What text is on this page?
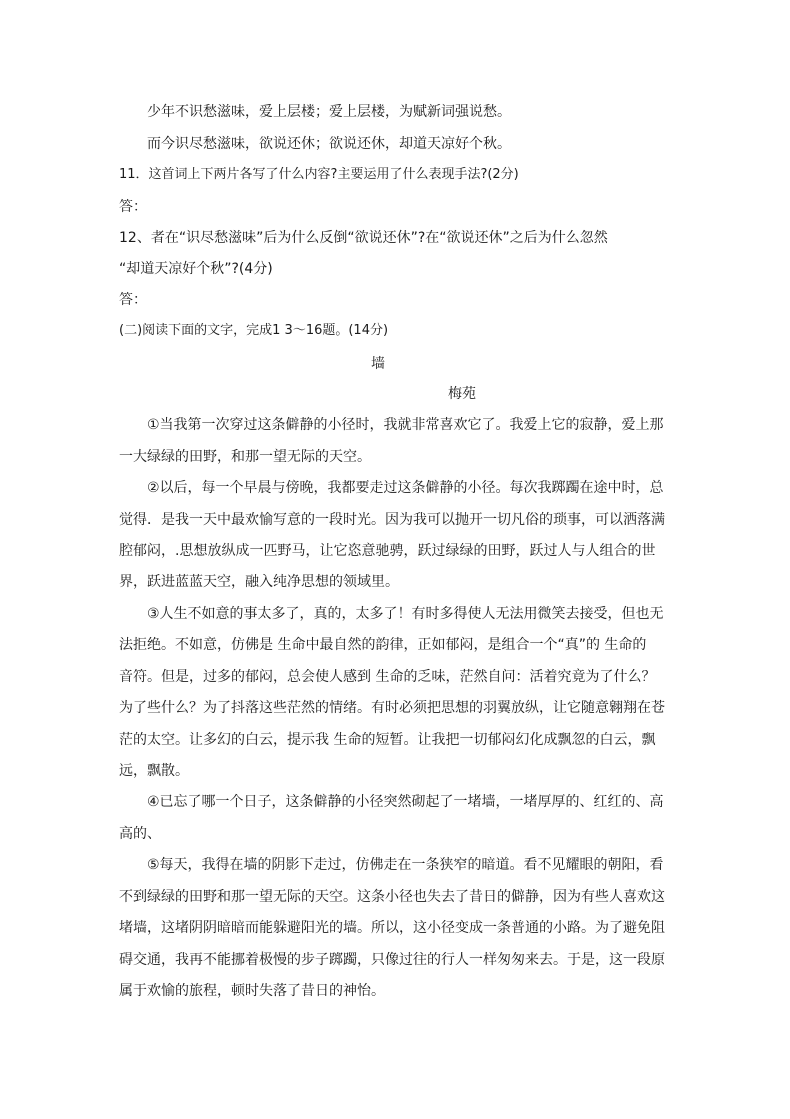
少年不识愁滋味，爱上层楼；爱上层楼，为赋新词强说愁。

而今识尽愁滋味，欲说还休；欲说还休，却道天凉好个秋。

11．这首词上下两片各写了什么内容?主要运用了什么表现手法?(2分)

答：

12、者在“识尽愁滋味”后为什么反倒“欲说还休”?在“欲说还休”之后为什么忽然

“却道天凉好个秋”?(4分)

答：

(二)阅读下面的文字，完成1 3～16题。(14分)

墙

梅苑

①当我第一次穿过这条僻静的小径时，我就非常喜欢它了。我爱上它的寂静，爱上那

一大绿绿的田野，和那一望无际的天空。

②以后，每一个早晨与傍晚，我都要走过这条僻静的小径。每次我踯躅在途中时，总

觉得．是我一天中最欢愉写意的一段时光。因为我可以抛开一切凡俗的琐事，可以洒落满

腔郁闷，.思想放纵成一匹野马，让它恣意驰骋，跃过绿绿的田野，跃过人与人组合的世

界，跃进蓝蓝天空，融入纯净思想的领域里。

③人生不如意的事太多了，真的，太多了！有时多得使人无法用微笑去接受，但也无

法拒绝。不如意，仿佛是 生命中最自然的韵律，正如郁闷，是组合一个“真”的 生命的

音符。但是，过多的郁闷，总会使人感到 生命的乏味，茫然自问：活着究竟为了什么？

为了些什么？为了抖落这些茫然的情绪。有时必须把思想的羽翼放纵，让它随意翱翔在苍

茫的太空。让多幻的白云，提示我 生命的短暂。让我把一切郁闷幻化成飘忽的白云，飘

远，飘散。

④已忘了哪一个日子，这条僻静的小径突然砌起了一堵墙，一堵厚厚的、红红的、高

高的、

⑤每天，我得在墙的阴影下走过，仿佛走在一条狭窄的暗道。看不见耀眼的朝阳，看

不到绿绿的田野和那一望无际的天空。这条小径也失去了昔日的僻静，因为有些人喜欢这

堵墙，这堵阴阴暗暗而能躲避阳光的墙。所以，这小径变成一条普通的小路。为了避免阻

碍交通，我再不能挪着极慢的步子踯躅，只像过往的行人一样匆匆来去。于是，这一段原

属于欢愉的旅程，顿时失落了昔日的神怡。
